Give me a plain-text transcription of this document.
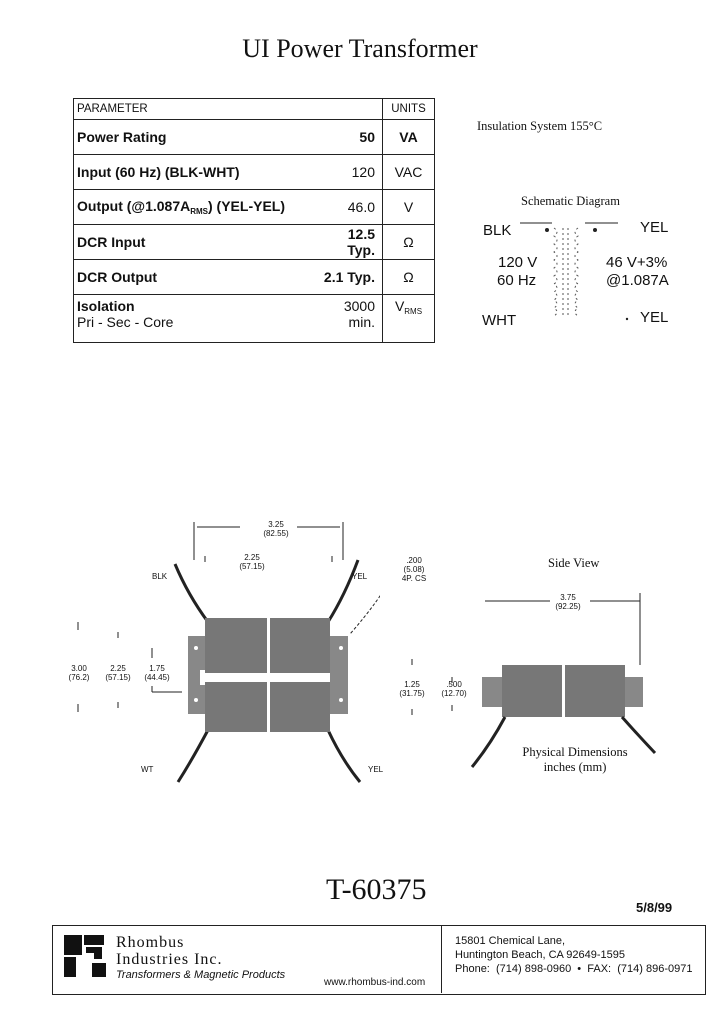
UI Power Transformer
PARAMETER		UNITS
Power Rating	50	VA
Input (60 Hz) (BLK-WHT)	120	VAC
Output $(@1.087A_{RMS})$ (YEL-YEL)	46.0	V
DCR Input	12.5 Typ.	Ω
DCR Output	2.1 Typ.	Ω
Isolation
Pri - Sec - Core	3000 min.	$V_{RMS}$
Insulation System 155°C
Schematic Diagram
BLK	YEL
120 V
60 Hz
46 V+3%
@1.087A
WHT	YEL
3.25
(82.55)
2.25
(57.15)
.200
(5.08)
4P. CS
BLK	YEL
3.00
(76.2)
2.25
(57.15)
1.75
(44.45)
WT	YEL
Side View
3.75
(92.25)
1.25
(31.75)
.500
(12.70)
Physical Dimensions
inches (mm)
T-60375
5/8/99
Rhombus
Industries Inc.
Transformers & Magnetic Products
15801 Chemical Lane,
Huntington Beach, CA 92649-1595
Phone:  (714) 898-0960  •  FAX:  (714) 896-0971
www.rhombus-ind.com
